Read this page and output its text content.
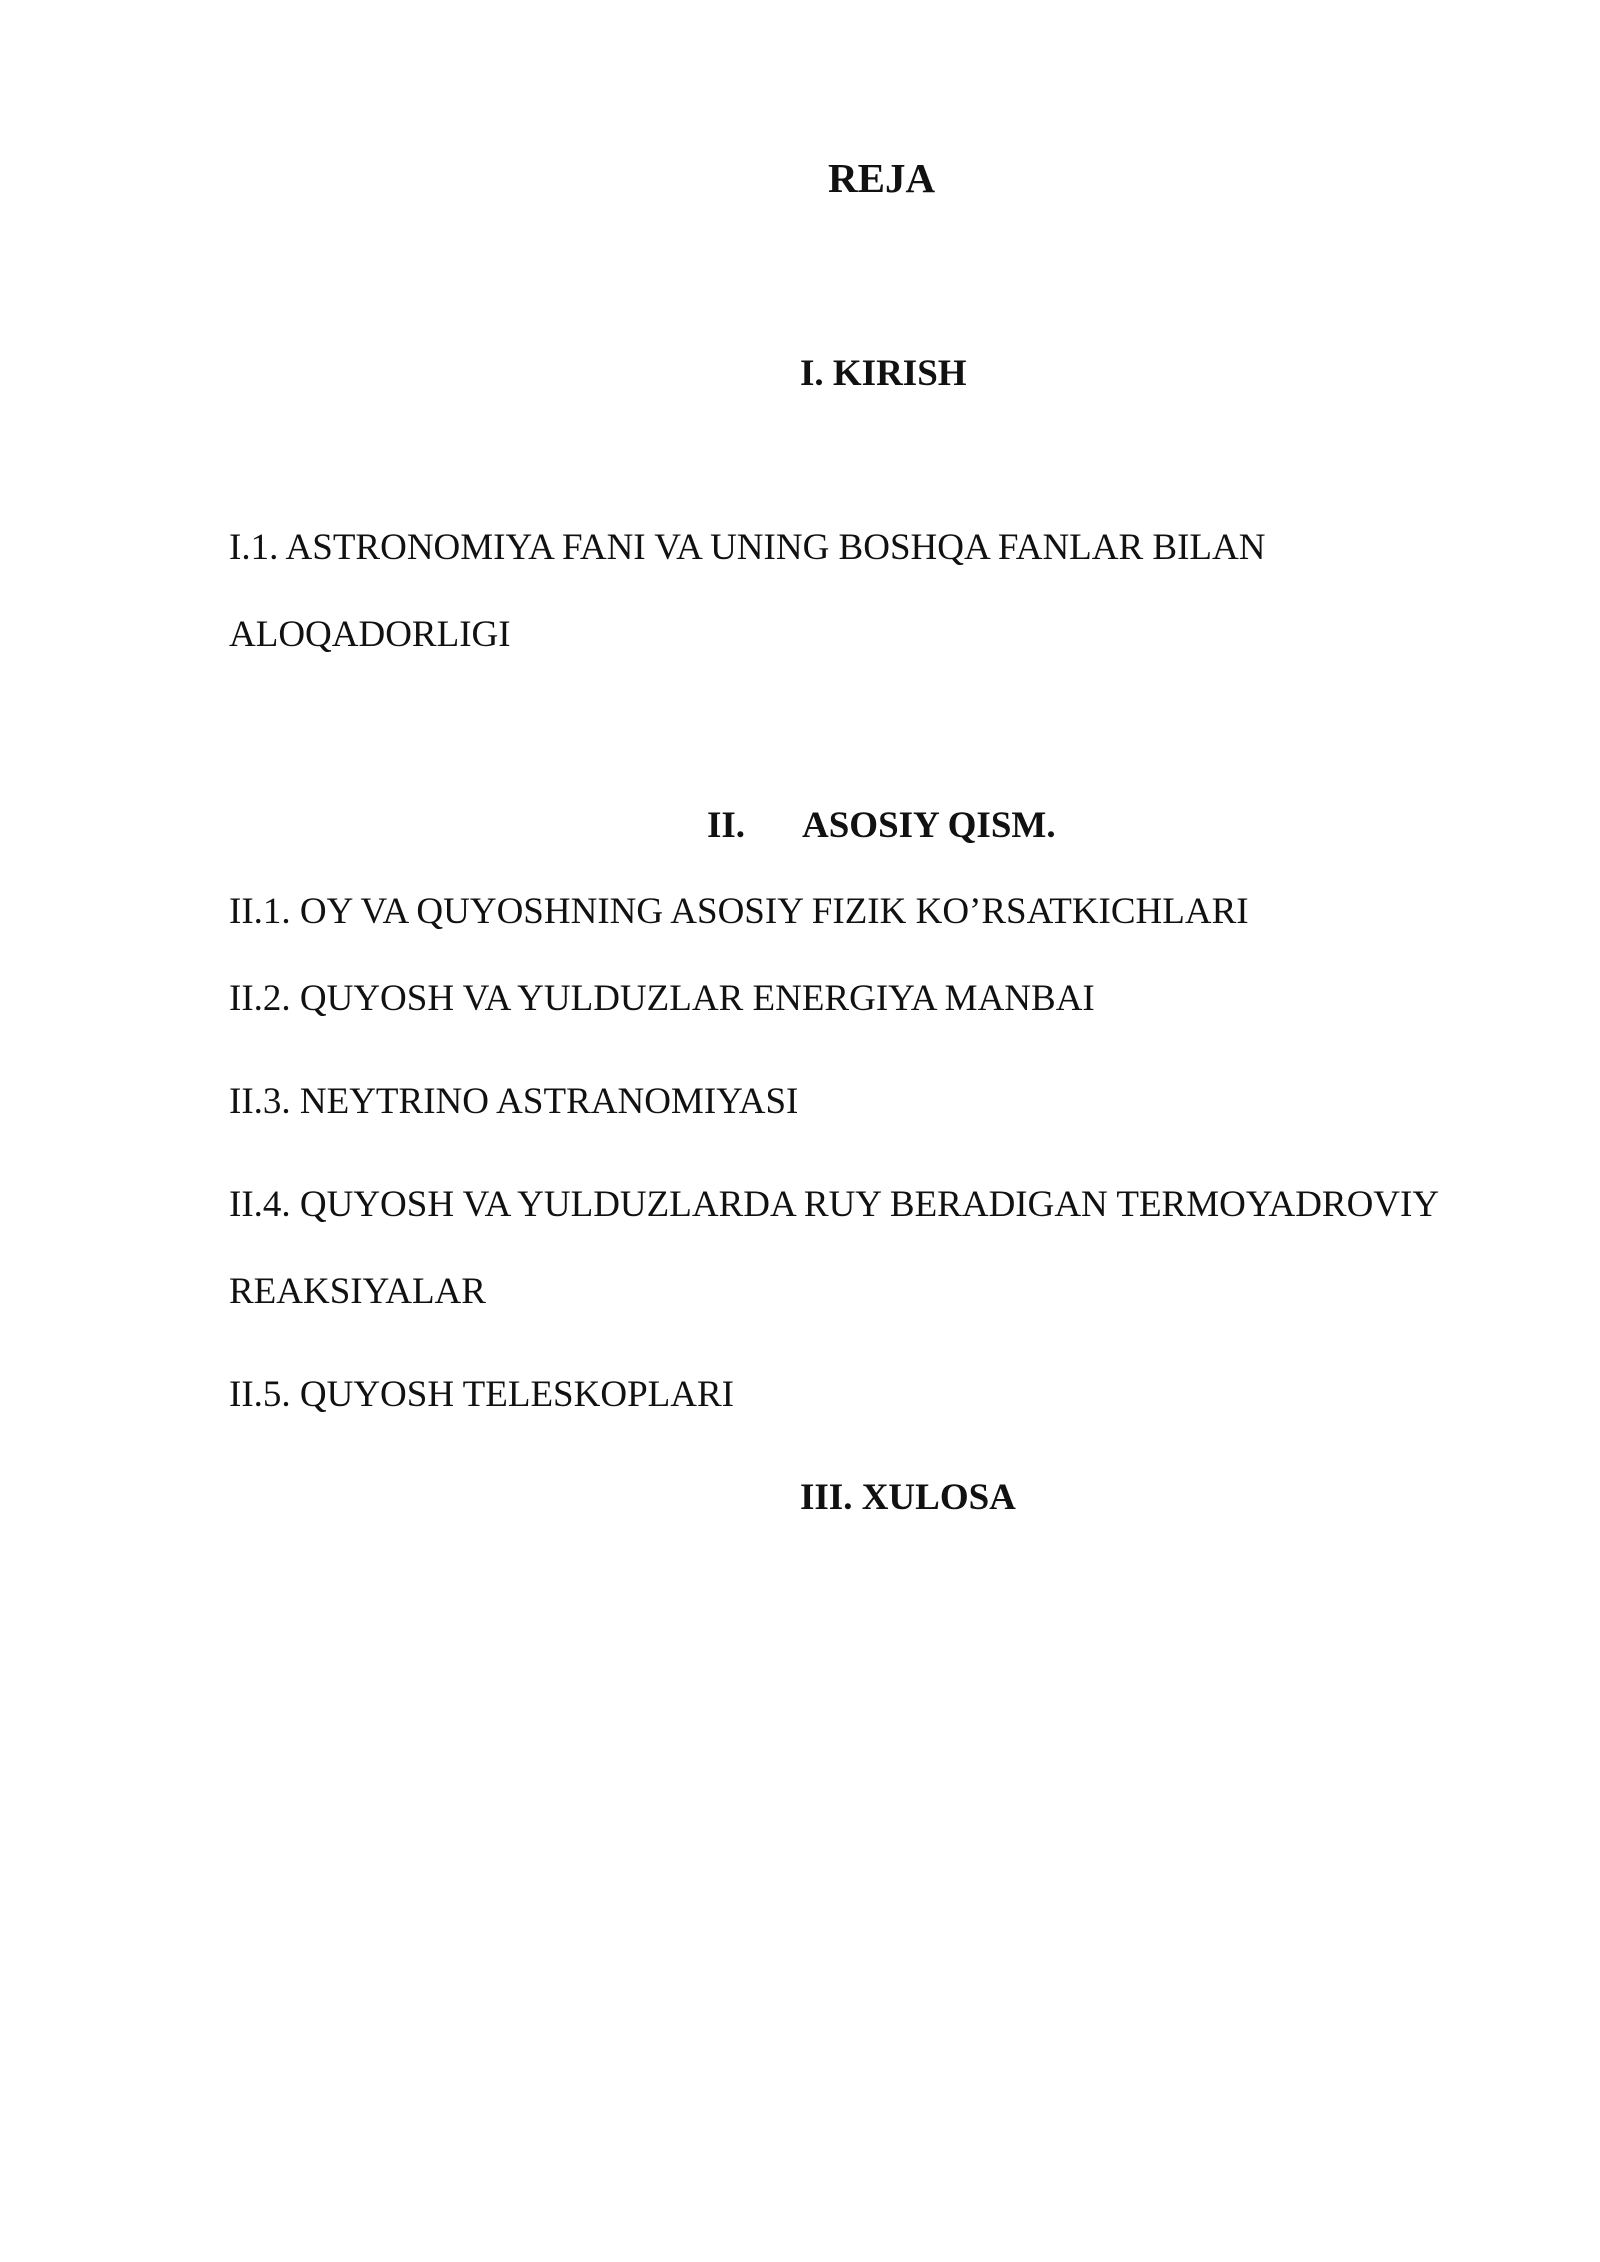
REJA
I. KIRISH
I.1. ASTRONOMIYA FANI VA UNING BOSHQA FANLAR BILAN
ALOQADORLIGI
II. ASOSIY QISM.
II.1. OY VA QUYOSHNING ASOSIY FIZIK KO’RSATKICHLARI
II.2. QUYOSH VA YULDUZLAR ENERGIYA MANBAI
II.3. NEYTRINO ASTRANOMIYASI
II.4. QUYOSH VA YULDUZLARDA RUY BERADIGAN TERMOYADROVIY
REAKSIYALAR
II.5. QUYOSH TELESKOPLARI
III. XULOSA
